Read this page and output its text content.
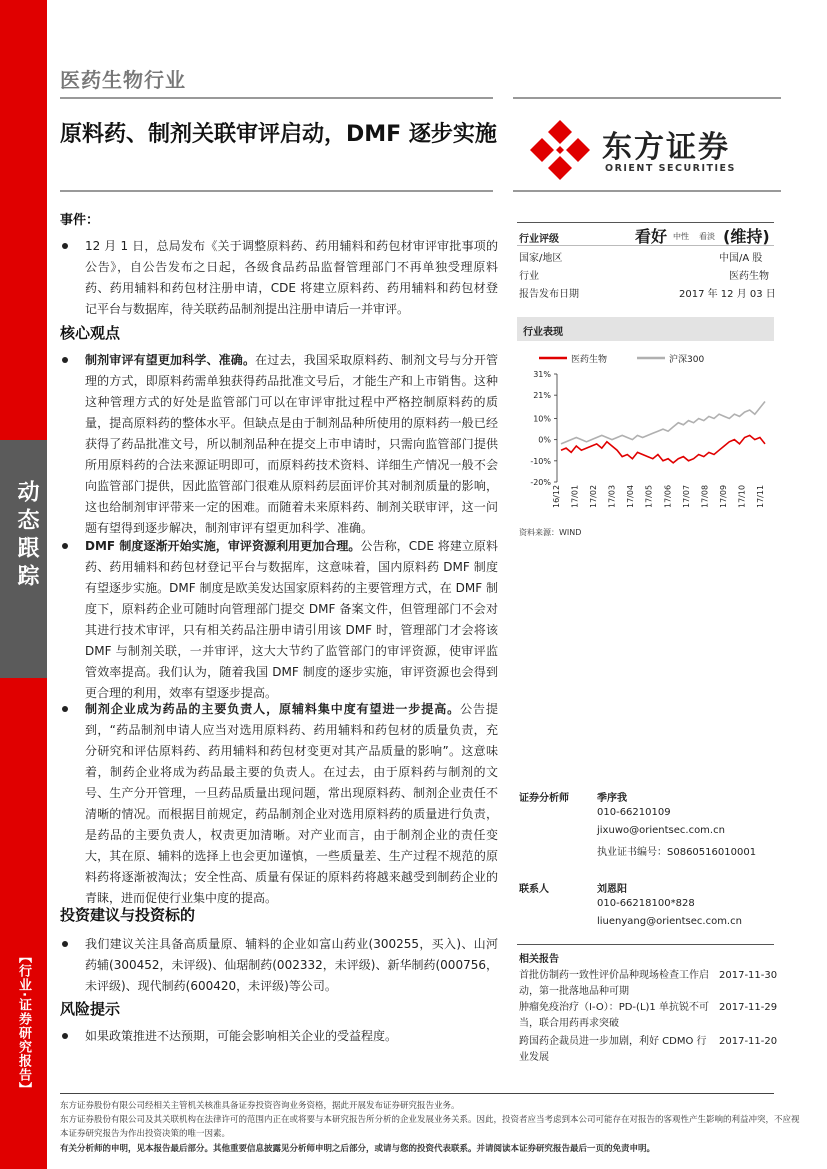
动态跟踪
【行业·证券研究报告】
医药生物行业
原料药、制剂关联审评启动，DMF 逐步实施	东方证券
ORIENT SECURITIES
事件：
12 月 1 日，总局发布《关于调整原料药、药用辅料和药包材审评审批事项的公告》，自公告发布之日起，各级食品药品监督管理部门不再单独受理原料药、药用辅料和药包材注册申请，CDE 将建立原料药、药用辅料和药包材登记平台与数据库，待关联药品制剂提出注册申请后一并审评。
核心观点
制剂审评有望更加科学、准确。在过去，我国采取原料药、制剂文号与分开管理的方式，即原料药需单独获得药品批准文号后，才能生产和上市销售。这种这种管理方式的好处是监管部门可以在审评审批过程中严格控制原料药的质量，提高原料药的整体水平。但缺点是由于制剂品种所使用的原料药一般已经获得了药品批准文号，所以制剂品种在提交上市申请时，只需向监管部门提供所用原料药的合法来源证明即可，而原料药技术资料、详细生产情况一般不会向监管部门提供，因此监管部门很难从原料药层面评价其对制剂质量的影响，这也给制剂审评带来一定的困难。而随着未来原料药、制剂关联审评，这一问题有望得到逐步解决，制剂审评有望更加科学、准确。
DMF 制度逐渐开始实施，审评资源利用更加合理。公告称，CDE 将建立原料药、药用辅料和药包材登记平台与数据库，这意味着，国内原料药 DMF 制度有望逐步实施。DMF 制度是欧美发达国家原料药的主要管理方式，在 DMF 制度下，原料药企业可随时向管理部门提交 DMF 备案文件，但管理部门不会对其进行技术审评，只有相关药品注册申请引用该 DMF 时，管理部门才会将该 DMF 与制剂关联，一并审评，这大大节约了监管部门的审评资源，使审评监管效率提高。我们认为，随着我国 DMF 制度的逐步实施，审评资源也会得到更合理的利用，效率有望逐步提高。
制剂企业成为药品的主要负责人，原辅料集中度有望进一步提高。公告提到，“药品制剂申请人应当对选用原料药、药用辅料和药包材的质量负责，充分研究和评估原料药、药用辅料和药包材变更对其产品质量的影响”。这意味着，制药企业将成为药品最主要的负责人。在过去，由于原料药与制剂的文号、生产分开管理，一旦药品质量出现问题，常出现原料药、制剂企业责任不清晰的情况。而根据目前规定，药品制剂企业对选用原料药的质量进行负责，是药品的主要负责人，权责更加清晰。对产业而言，由于制剂企业的责任变大，其在原、辅料的选择上也会更加谨慎，一些质量差、生产过程不规范的原料药将逐渐被淘汰；安全性高、质量有保证的原料药将越来越受到制药企业的青睐，进而促使行业集中度的提高。
投资建议与投资标的
我们建议关注具备高质量原、辅料的企业如富山药业(300255，买入)、山河药辅(300452，未评级)、仙琚制药(002332，未评级)、新华制药(000756，未评级)、现代制药(600420，未评级)等公司。
风险提示
如果政策推进不达预期，可能会影响相关企业的受益程度。
行业评级	看好 中性 看淡 (维持)
国家/地区	中国/A 股
行业	医药生物
报告发布日期	2017 年 12 月 03 日
行业表现
医药生物	沪深300
31%
21%
10%
0%
-10%
-20%
16/12 17/01 17/02 17/03 17/04 17/05 17/06 17/07 17/08 17/09 17/10 17/11
资料来源：WIND
证券分析师	季序我
010-66210109
jixuwo@orientsec.com.cn
执业证书编号：S0860516010001
联系人	刘恩阳
010-66218100*828
liuenyang@orientsec.com.cn
相关报告
首批仿制药一致性评价品种现场检查工作启动，第一批落地品种可期
2017-11-30
肿瘤免疫治疗（I-O）：PD-(L)1 单抗锐不可当，联合用药再求突破
2017-11-29
跨国药企裁员进一步加剧，利好 CDMO 行业发展
2017-11-20
东方证券股份有限公司经相关主管机关核准具备证券投资咨询业务资格，据此开展发布证券研究报告业务。
东方证券股份有限公司及其关联机构在法律许可的范围内正在或将要与本研究报告所分析的企业发展业务关系。因此，投资者应当考虑到本公司可能存在对报告的客观性产生影响的利益冲突，不应视本证券研究报告为作出投资决策的唯一因素。
有关分析师的申明，见本报告最后部分。其他重要信息披露见分析师申明之后部分，或请与您的投资代表联系。并请阅读本证券研究报告最后一页的免责申明。
